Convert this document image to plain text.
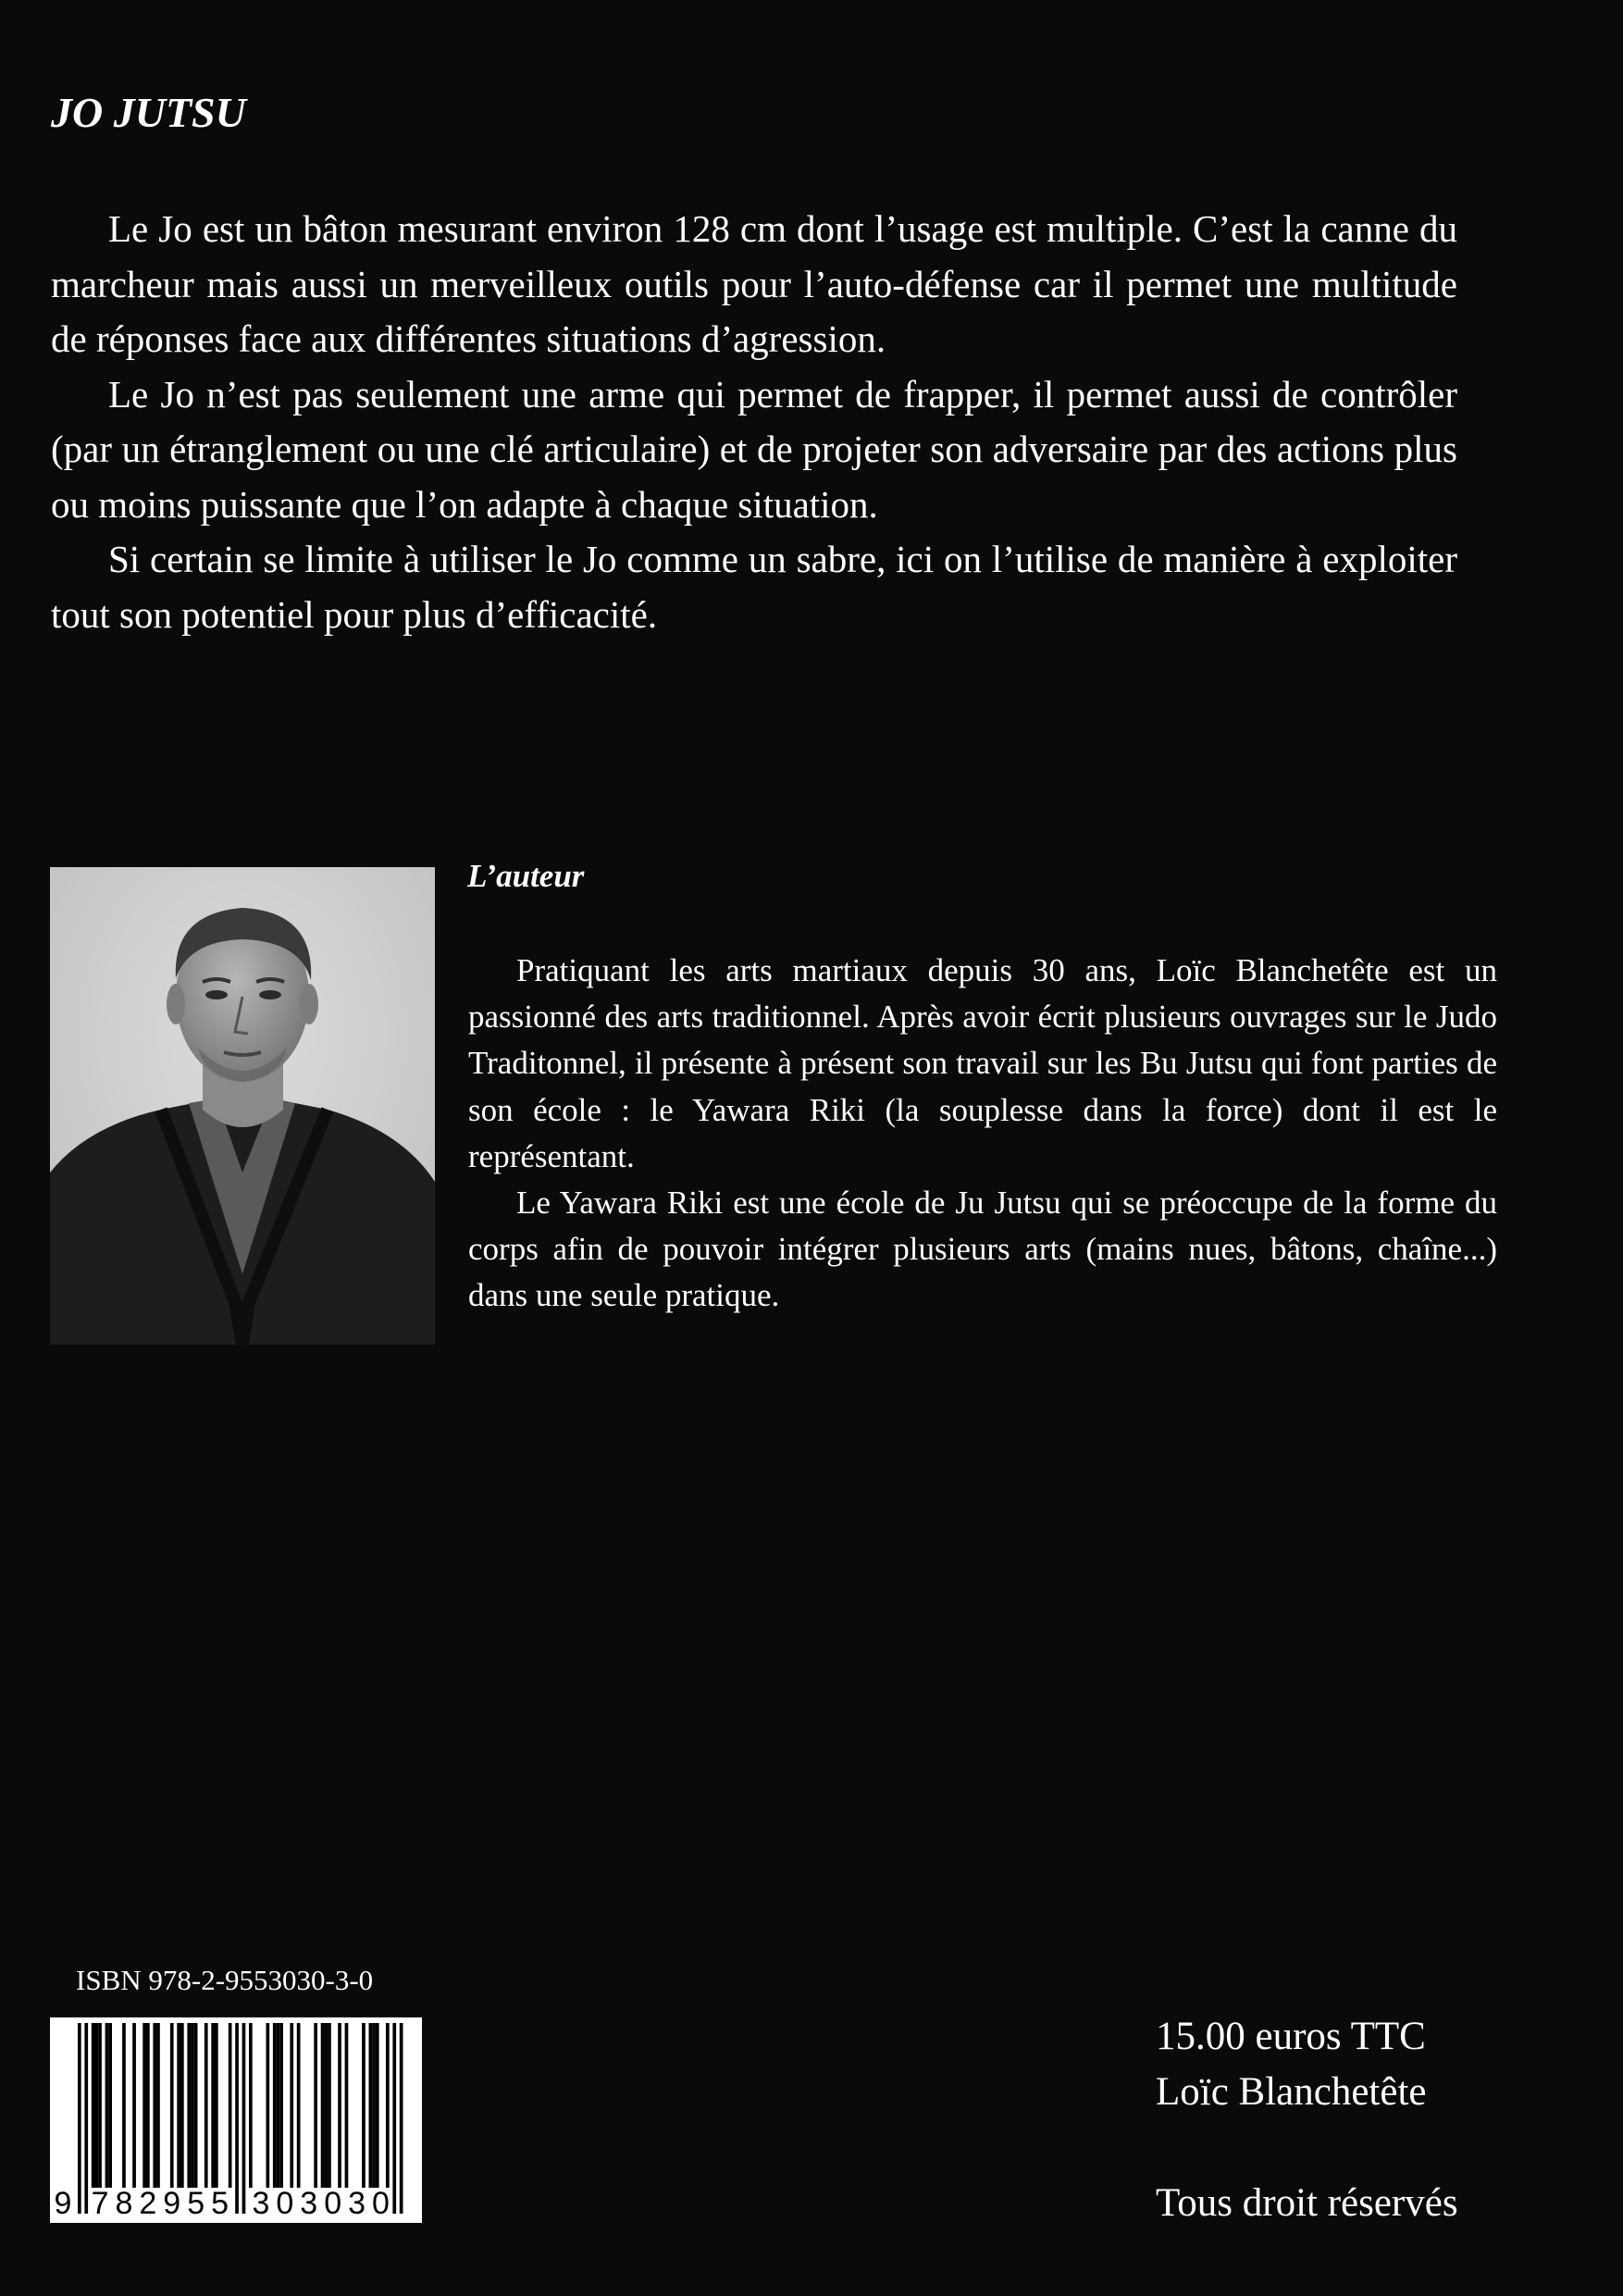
JO JUTSU

Le Jo est un bâton mesurant environ 128 cm dont l’usage est multiple. C’est la canne du marcheur mais aussi un merveilleux outils pour l’auto-défense car il permet une multitude de réponses face aux différentes situations d’agression.

Le Jo n’est pas seulement une arme qui permet de frapper, il permet aussi de contrôler (par un étranglement ou une clé articulaire) et de projeter son adversaire par des actions plus ou moins puissante que l’on adapte à chaque situation.

Si certain se limite à utiliser le Jo comme un sabre, ici on l’utilise de manière à exploiter tout son potentiel pour plus d’efficacité.

L’auteur

Pratiquant les arts martiaux depuis 30 ans, Loïc Blanchetête est un passionné des arts traditionnel. Après avoir écrit plusieurs ouvrages sur le Judo Traditonnel, il présente à présent son travail sur les Bu Jutsu qui font parties de son école : le Yawara Riki (la souplesse dans la force) dont il est le représentant.

Le Yawara Riki est une école de Ju Jutsu qui se préoccupe de la forme du corps afin de pouvoir intégrer plusieurs arts (mains nues, bâtons, chaîne...) dans une seule pratique.

ISBN 978-2-9553030-3-0
9 7 8 2 9 5 5 3 0 3 0 3 0
15.00 euros TTC
Loïc Blanchetête
Tous droit réservés
